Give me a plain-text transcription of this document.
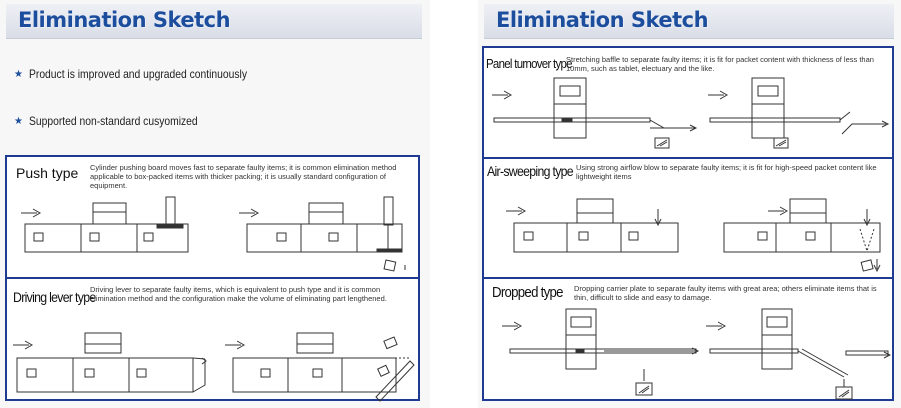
Elimination Sketch
★ Product is improved and upgraded continuously
★ Supported non-standard cusyomized
Push type Cylinder pushing board moves fast to separate faulty items; it is common elimination method applicable to box-packed items with thicker packing; it is usually standard configuration of equipment.
Driving lever type
Driving lever to separate faulty items, which is equivalent to push type and it is common elimination method and the configuration make the volume of eliminating part lengthened.
Elimination Sketch
Panel turnover type
Stretching baffle to separate faulty items; it is fit for packet content with thickness of less than 10mm, such as tablet, electuary and the like.
Air-sweeping type Using strong airflow blow to separate faulty items; it is fit for high-speed packet content like lightweight items
Dropped type Dropping carrier plate to separate faulty items with great area; others eliminate items that is thin, difficult to slide and easy to damage.
